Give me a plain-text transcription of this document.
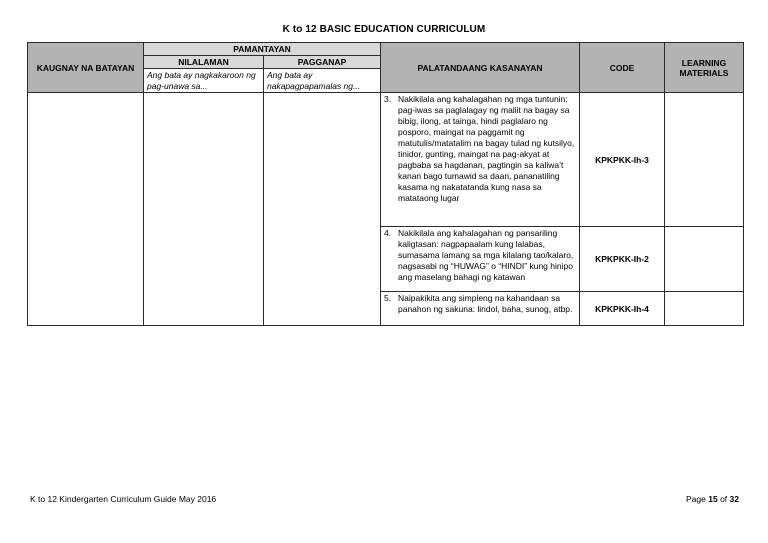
K to 12 BASIC EDUCATION CURRICULUM
KAUGNAY NA BATAYAN	PAMANTAYAN		PALATANDAANG KASANAYAN	CODE	LEARNING MATERIALS
	NILALAMAN	PAGGANAP			
	Ang bata ay nagkakaroon ng pag-unawa sa...	Ang bata ay nakapagpapamalas ng...			

			3. Nakikilala ang kahalagahan ng mga tuntunin: pag-iwas sa paglalagay ng maliit na bagay sa bibig, ilong, at tainga, hindi paglalaro ng posporo, maingat na paggamit ng matutulis/matatalim na bagay tulad ng kutsilyo, tinidor, gunting, maingat na pag-akyat at pagbaba sa hagdanan, pagtingin sa kaliwa’t kanan bago tumawid sa daan, pananatiling kasama ng nakatatanda kung nasa sa matataong lugar	KPKPKK-Ih-3	

			4. Nakikilala ang kahalagahan ng pansariling kaligtasan: nagpapaalam kung lalabas, sumasama lamang sa mga kilalang tao/kalaro, nagsasabi ng “HUWAG” o “HINDI” kung hinipo ang maselang bahagi ng katawan	KPKPKK-Ih-2	

			5. Naipakikita ang simpleng na kahandaan sa panahon ng sakuna: lindol, baha, sunog, atbp.	KPKPKK-Ih-4	
K to 12 Kindergarten Curriculum Guide May 2016	Page 15 of 32
